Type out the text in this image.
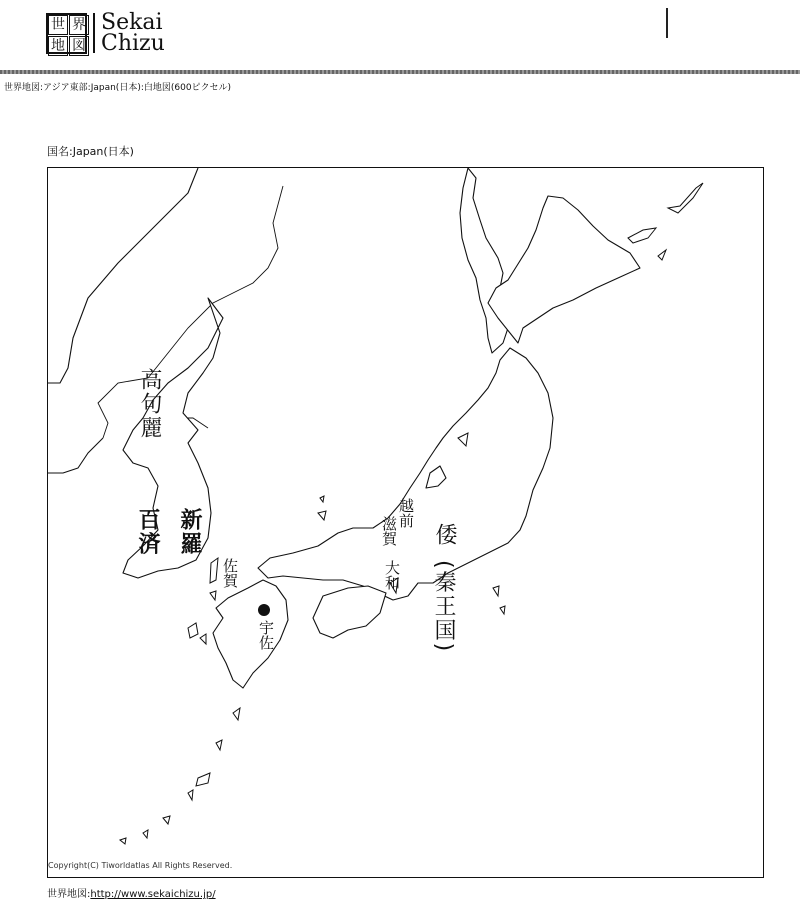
世 界
地 図
Sekai
Chizu
世界地図:アジア東部:Japan(日本):白地図(600ピクセル)
国名:Japan(日本)
高句麗
百済 新羅	倭
(秦王国)
越前
滋賀
大和
佐賀
宇佐
Copyright(C) Tiworldatlas All Rights Reserved.
世界地図:http://www.sekaichizu.jp/
